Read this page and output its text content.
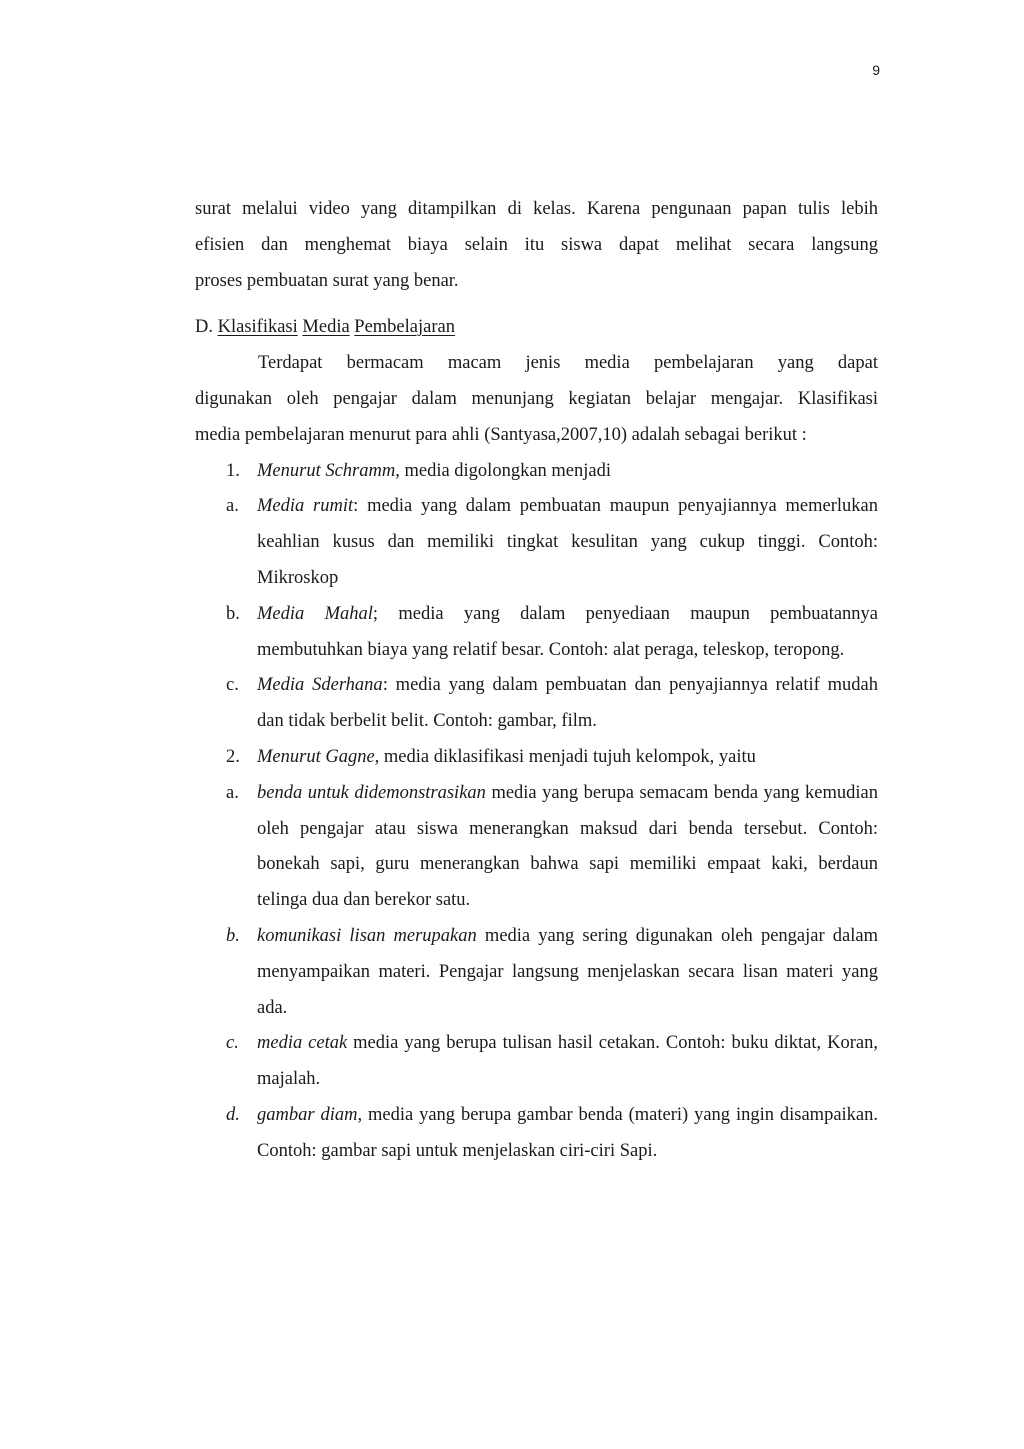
9

surat melalui video yang ditampilkan di kelas. Karena pengunaan papan tulis lebih
efisien dan menghemat biaya selain itu siswa dapat melihat secara langsung
proses pembuatan surat yang benar.

D. Klasifikasi Media Pembelajaran

Terdapat bermacam macam jenis media pembelajaran yang dapat
digunakan oleh pengajar dalam menunjang kegiatan belajar mengajar. Klasifikasi
media pembelajaran menurut para ahli (Santyasa,2007,10) adalah sebagai berikut :

1. Menurut Schramm, media digolongkan menjadi
a. Media rumit: media yang dalam pembuatan maupun penyajiannya memerlukan keahlian kusus dan memiliki tingkat kesulitan yang cukup tinggi. Contoh: Mikroskop
b. Media Mahal; media yang dalam penyediaan maupun pembuatannya membutuhkan biaya yang relatif besar. Contoh: alat peraga, teleskop, teropong.
c. Media Sderhana: media yang dalam pembuatan dan penyajiannya relatif mudah dan tidak berbelit belit. Contoh: gambar, film.
2. Menurut Gagne, media diklasifikasi menjadi tujuh kelompok, yaitu
a. benda untuk didemonstrasikan media yang berupa semacam benda yang kemudian oleh pengajar atau siswa menerangkan maksud dari benda tersebut. Contoh: bonekah sapi, guru menerangkan bahwa sapi memiliki empaat kaki, berdaun telinga dua dan berekor satu.
b. komunikasi lisan merupakan media yang sering digunakan oleh pengajar dalam menyampaikan materi. Pengajar langsung menjelaskan secara lisan materi yang ada.
c. media cetak media yang berupa tulisan hasil cetakan. Contoh: buku diktat, Koran, majalah.
d. gambar diam, media yang berupa gambar benda (materi) yang ingin disampaikan. Contoh: gambar sapi untuk menjelaskan ciri-ciri Sapi.
